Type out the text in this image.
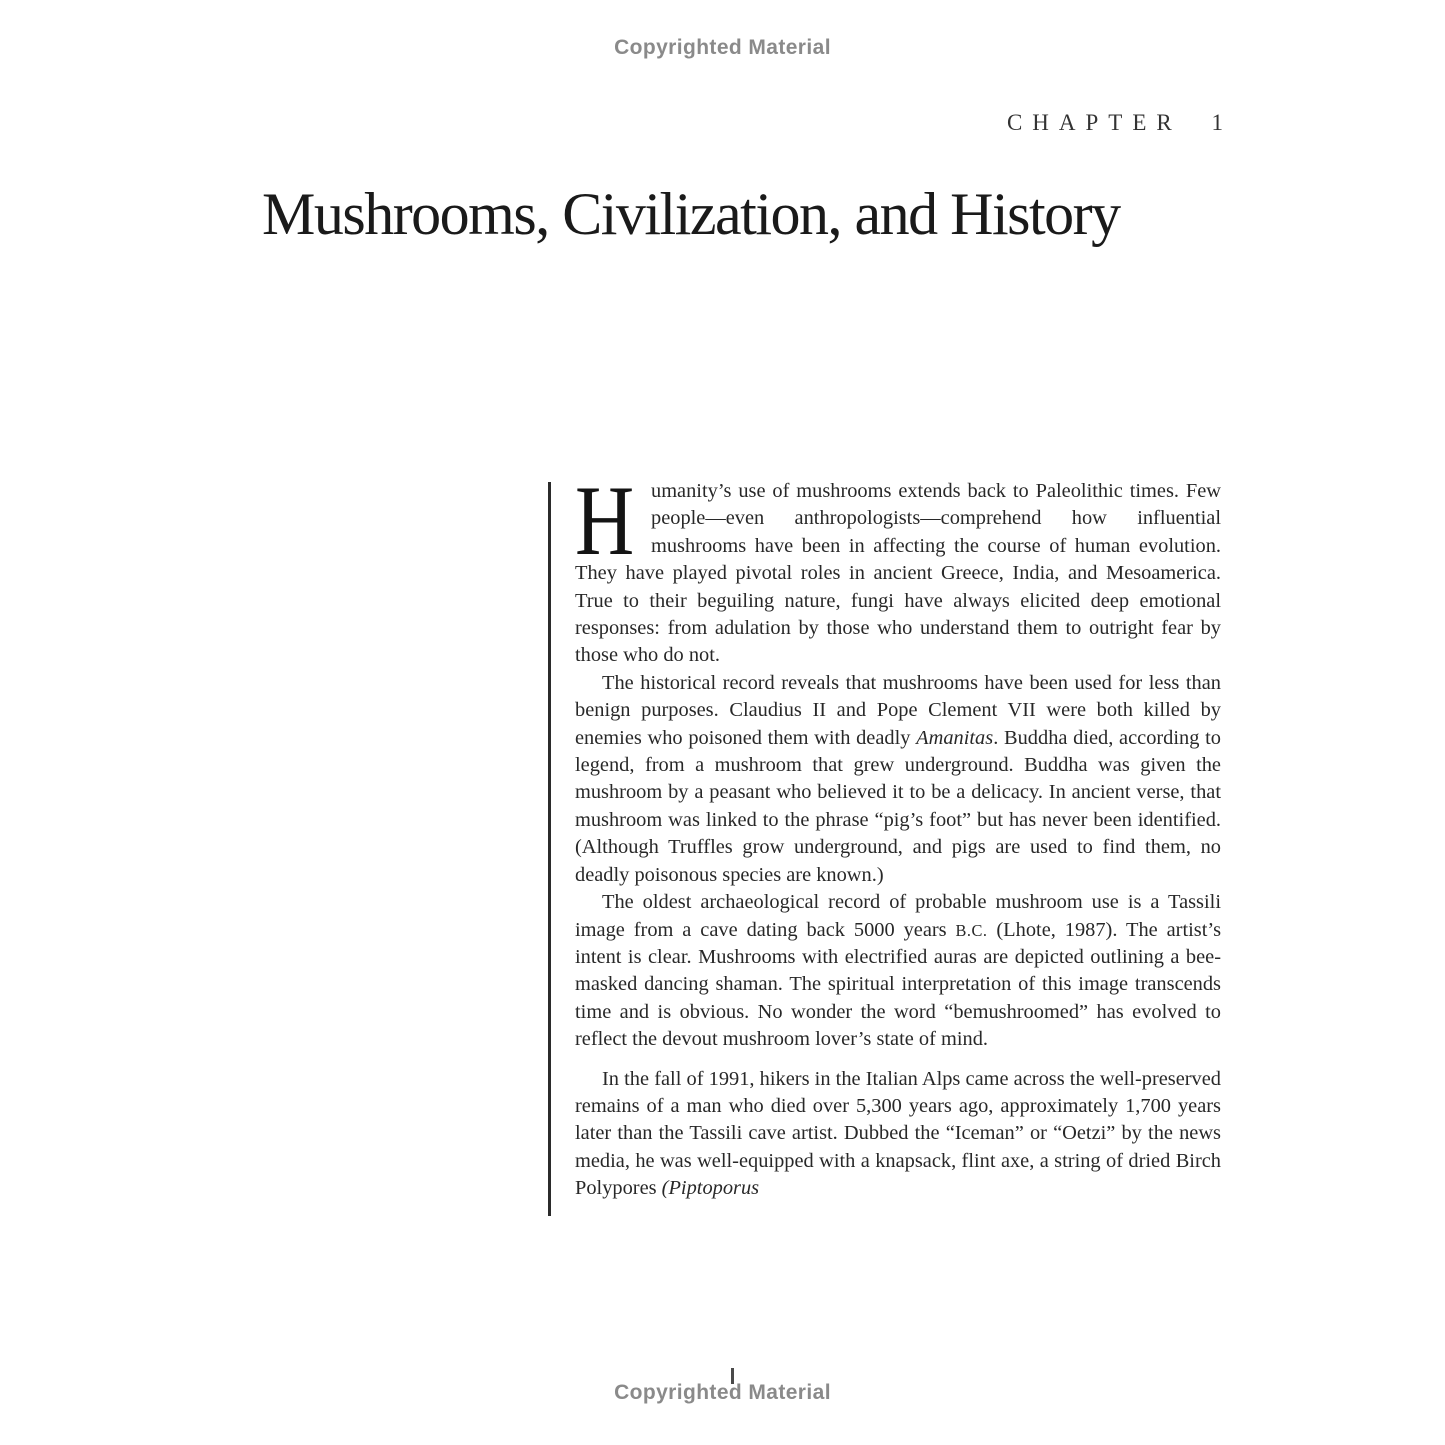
Copyrighted Material
CHAPTER 1
Mushrooms, Civilization, and History

Humanity’s use of mushrooms extends back to Paleolithic times. Few people—even anthropologists—comprehend how influential mushrooms have been in affecting the course of human evolution. They have played pivotal roles in ancient Greece, India, and Mesoamerica. True to their beguiling nature, fungi have always elicited deep emotional responses: from adulation by those who understand them to outright fear by those who do not.

The historical record reveals that mushrooms have been used for less than benign purposes. Claudius II and Pope Clement VII were both killed by enemies who poisoned them with deadly Amanitas. Buddha died, according to legend, from a mushroom that grew underground. Buddha was given the mushroom by a peasant who believed it to be a delicacy. In ancient verse, that mushroom was linked to the phrase “pig’s foot” but has never been identified. (Although Truffles grow underground, and pigs are used to find them, no deadly poisonous species are known.)

The oldest archaeological record of probable mushroom use is a Tassili image from a cave dating back 5000 years B.C. (Lhote, 1987). The artist’s intent is clear. Mushrooms with electrified auras are depicted outlining a bee-masked dancing shaman. The spiritual interpretation of this image transcends time and is obvious. No wonder the word “bemushroomed” has evolved to reflect the devout mushroom lover’s state of mind.

In the fall of 1991, hikers in the Italian Alps came across the well-preserved remains of a man who died over 5,300 years ago, approximately 1,700 years later than the Tassili cave artist. Dubbed the “Iceman” or “Oetzi” by the news media, he was well-equipped with a knapsack, flint axe, a string of dried Birch Polypores (Piptoporus

Copyrighted Material
